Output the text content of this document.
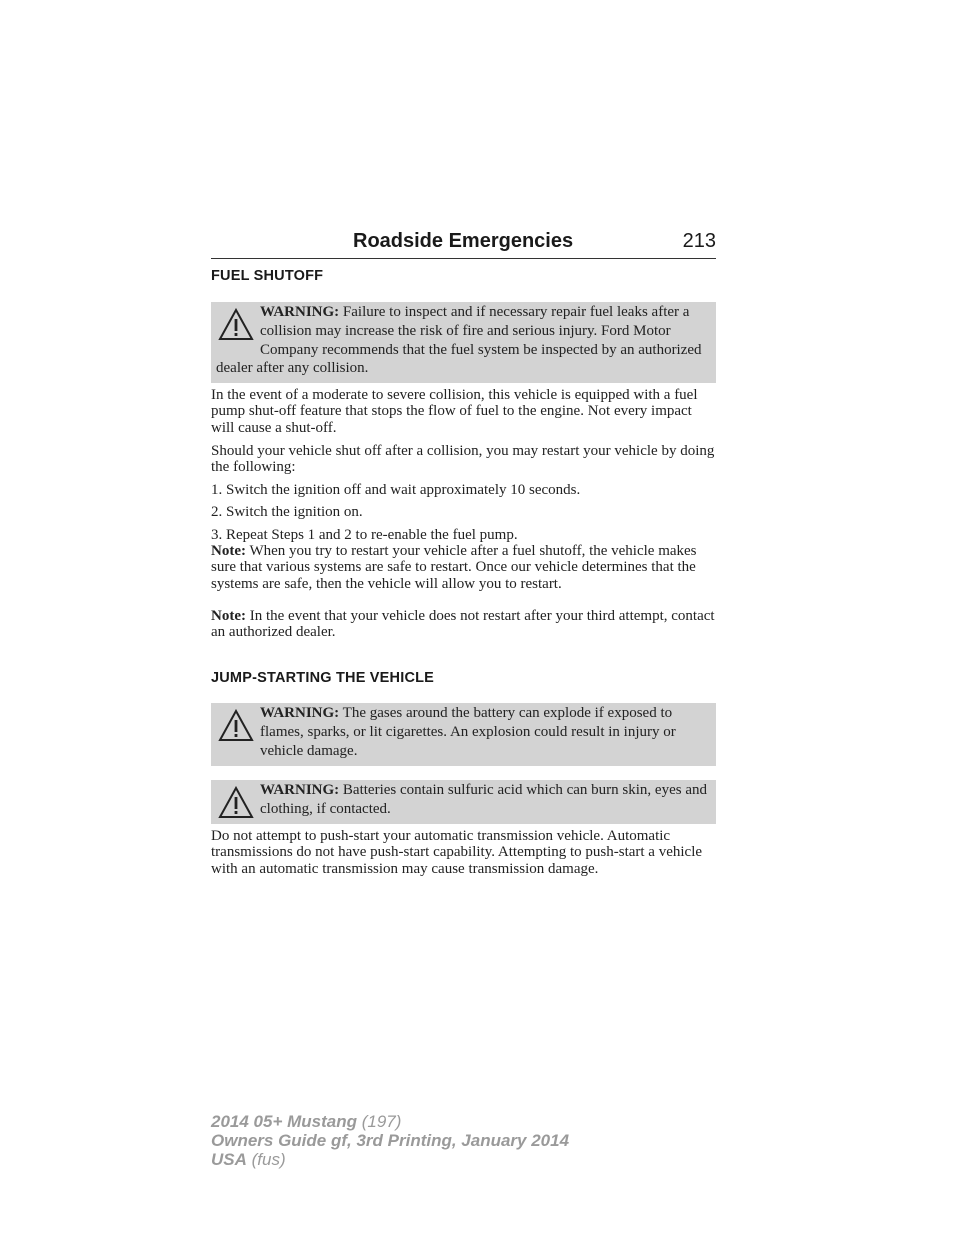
Roadside Emergencies	213
FUEL SHUTOFF
WARNING: Failure to inspect and if necessary repair fuel leaks after a collision may increase the risk of fire and serious injury. Ford Motor Company recommends that the fuel system be inspected by an authorized dealer after any collision.
In the event of a moderate to severe collision, this vehicle is equipped with a fuel pump shut-off feature that stops the flow of fuel to the engine. Not every impact will cause a shut-off.
Should your vehicle shut off after a collision, you may restart your vehicle by doing the following:
1. Switch the ignition off and wait approximately 10 seconds.
2. Switch the ignition on.
3. Repeat Steps 1 and 2 to re-enable the fuel pump.
Note: When you try to restart your vehicle after a fuel shutoff, the vehicle makes sure that various systems are safe to restart. Once our vehicle determines that the systems are safe, then the vehicle will allow you to restart.
Note: In the event that your vehicle does not restart after your third attempt, contact an authorized dealer.
JUMP-STARTING THE VEHICLE
WARNING: The gases around the battery can explode if exposed to flames, sparks, or lit cigarettes. An explosion could result in injury or vehicle damage.
WARNING: Batteries contain sulfuric acid which can burn skin, eyes and clothing, if contacted.
Do not attempt to push-start your automatic transmission vehicle. Automatic transmissions do not have push-start capability. Attempting to push-start a vehicle with an automatic transmission may cause transmission damage.
2014 05+ Mustang (197)
Owners Guide gf, 3rd Printing, January 2014
USA (fus)
